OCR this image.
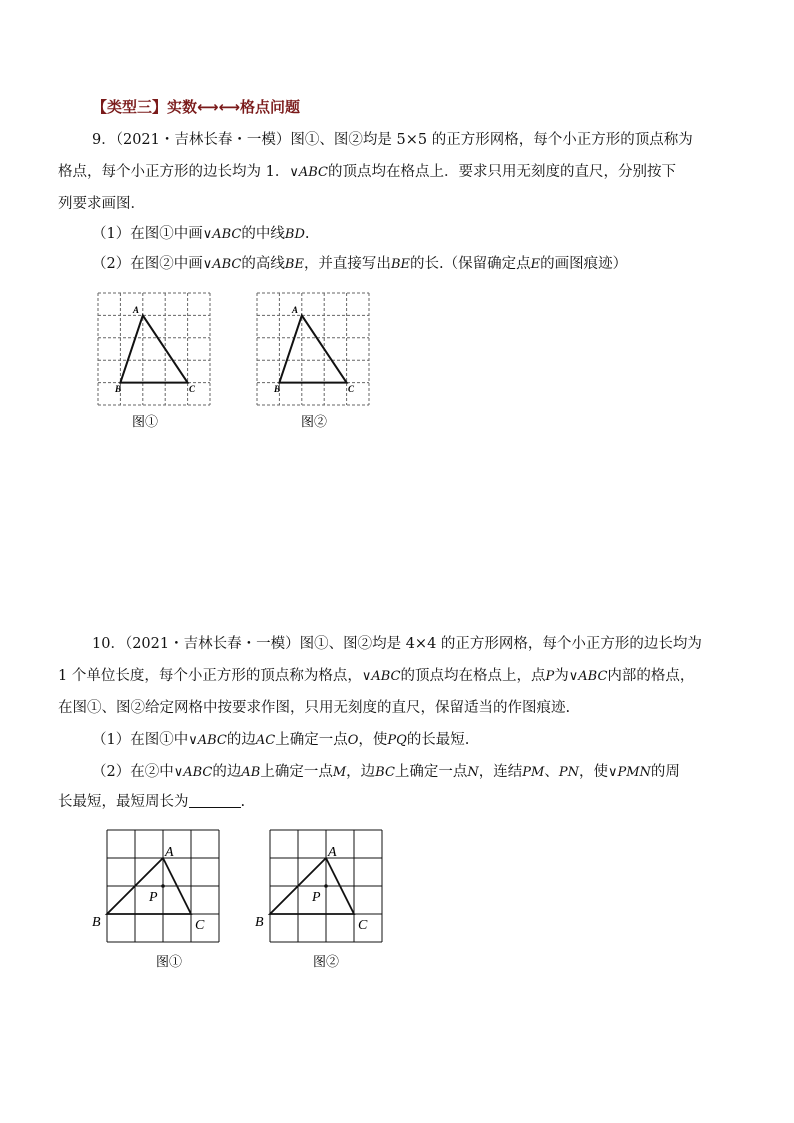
【类型三】实数⟷⟷格点问题
9．（2021・吉林长春・一模）图①、图②均是 5×5 的正方形网格，每个小正方形的顶点称为
格点，每个小正方形的边长均为 1．∨ABC的顶点均在格点上．要求只用无刻度的直尺，分别按下
列要求画图．
（1）在图①中画∨ABC的中线BD.
（2）在图②中画∨ABC的高线BE，并直接写出BE的长.（保留确定点E的画图痕迹）
A
B	C
图①
A
B	C
图②
10．（2021・吉林长春・一模）图①、图②均是 4×4 的正方形网格，每个小正方形的边长均为
1 个单位长度，每个小正方形的顶点称为格点，∨ABC的顶点均在格点上，点P为∨ABC内部的格点，
在图①、图②给定网格中按要求作图，只用无刻度的直尺，保留适当的作图痕迹.
（1）在图①中∨ABC的边AC上确定一点O，使PQ的长最短.
（2）在②中∨ABC的边AB上确定一点M，边BC上确定一点N，连结PM、PN，使∨PMN的周
长最短，最短周长为	.
A
B	C
P
图①
A
B	C
P
图②
